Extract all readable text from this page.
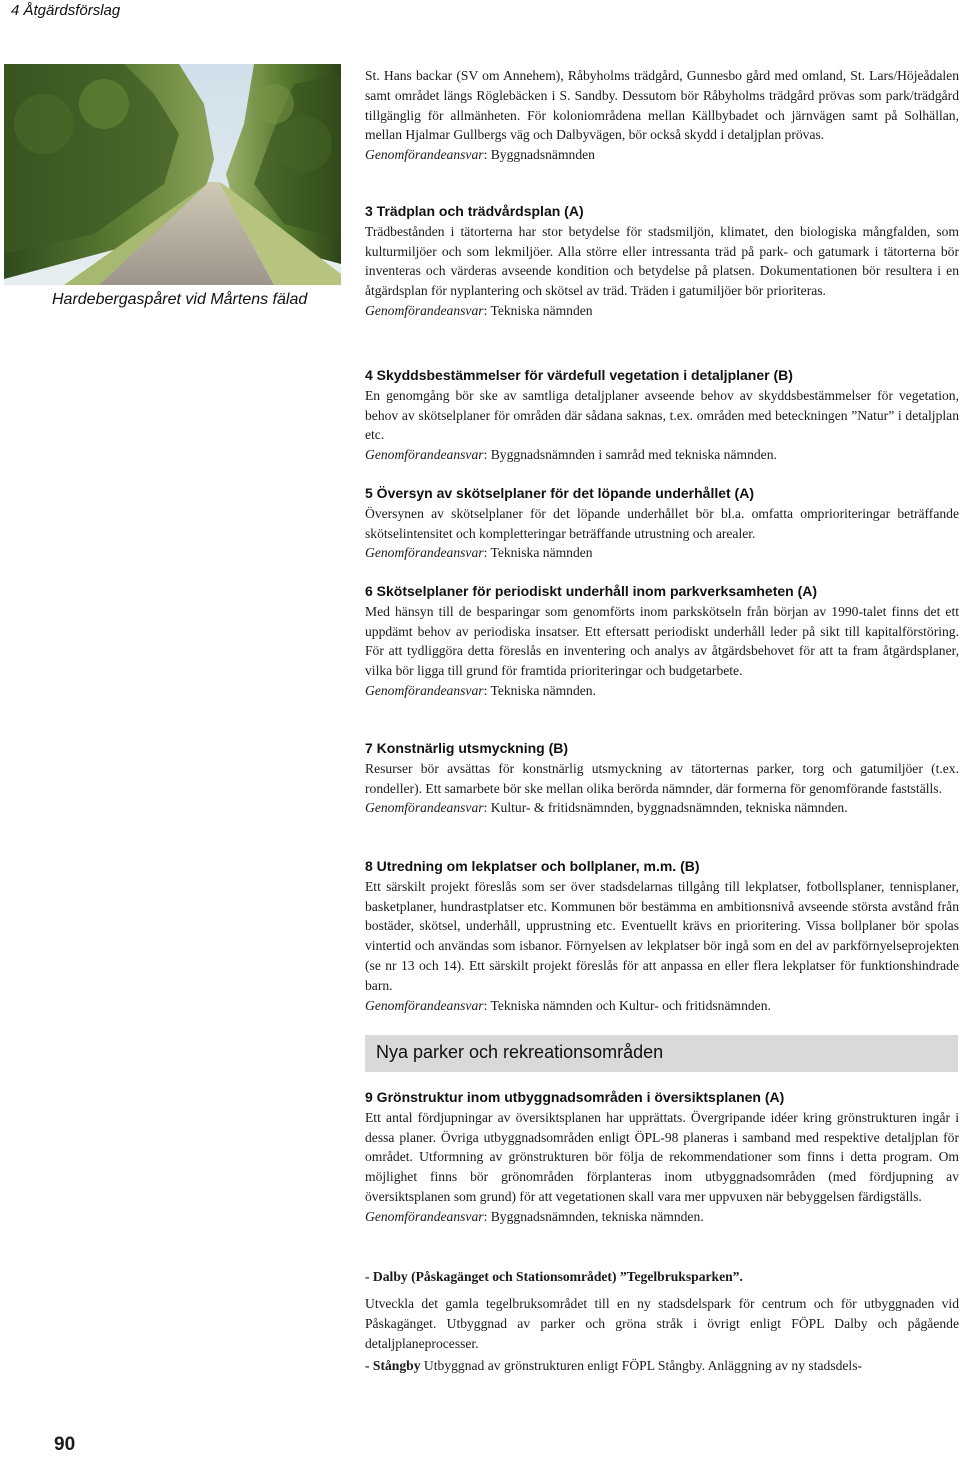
4 Åtgärdsförslag
Hardebergaspåret vid Mårtens fälad

St. Hans backar (SV om Annehem), Råbyholms trädgård, Gunnesbo gård med omland, St. Lars/Höjeådalen samt området längs Röglebäcken i S. Sandby. Dessutom bör Råbyholms trädgård prövas som park/trädgård tillgänglig för allmänheten. För koloniområdena mellan Källbybadet och järnvägen samt på Solhällan, mellan Hjalmar Gullbergs väg och Dalbyvägen, bör också skydd i detaljplan prövas.

Genomförandeansvar: Byggnadsnämnden

3 Trädplan och trädvårdsplan (A)

Trädbestånden i tätorterna har stor betydelse för stadsmiljön, klimatet, den biologiska mångfalden, som kulturmiljöer och som lekmiljöer. Alla större eller intressanta träd på park- och gatumark i tätorterna bör inventeras och värderas avseende kondition och betydelse på platsen. Dokumentationen bör resultera i en åtgärdsplan för nyplantering och skötsel av träd. Träden i gatumiljöer bör prioriteras.

Genomförandeansvar: Tekniska nämnden

4 Skyddsbestämmelser för värdefull vegetation i detaljplaner (B)

En genomgång bör ske av samtliga detaljplaner avseende behov av skyddsbestämmelser för vegetation, behov av skötselplaner för områden där sådana saknas, t.ex. områden med beteckningen ”Natur” i detaljplan etc.

Genomförandeansvar: Byggnadsnämnden i samråd med tekniska nämnden.

5 Översyn av skötselplaner för det löpande underhållet (A)

Översynen av skötselplaner för det löpande underhållet bör bl.a. omfatta omprioriteringar beträffande skötselintensitet och kompletteringar beträffande utrustning och arealer.

Genomförandeansvar: Tekniska nämnden

6 Skötselplaner för periodiskt underhåll inom parkverksamheten (A)

Med hänsyn till de besparingar som genomförts inom parkskötseln från början av 1990-talet finns det ett uppdämt behov av periodiska insatser. Ett eftersatt periodiskt underhåll leder på sikt till kapitalförstöring. För att tydliggöra detta föreslås en inventering och analys av åtgärdsbehovet för att ta fram åtgärdsplaner, vilka bör ligga till grund för framtida prioriteringar och budgetarbete.

Genomförandeansvar: Tekniska nämnden.

7 Konstnärlig utsmyckning (B)

Resurser bör avsättas för konstnärlig utsmyckning av tätorternas parker, torg och gatumiljöer (t.ex. rondeller). Ett samarbete bör ske mellan olika berörda nämnder, där formerna för genomförande fastställs.

Genomförandeansvar: Kultur- & fritidsnämnden, byggnadsnämnden, tekniska nämnden.

8 Utredning om lekplatser och bollplaner, m.m. (B)

Ett särskilt projekt föreslås som ser över stadsdelarnas tillgång till lekplatser, fotbollsplaner, tennisplaner, basketplaner, hundrastplatser etc. Kommunen bör bestämma en ambitionsnivå avseende största avstånd från bostäder, skötsel, underhåll, upprustning etc. Eventuellt krävs en prioritering. Vissa bollplaner bör spolas vintertid och användas som isbanor. Förnyelsen av lekplatser bör ingå som en del av parkförnyelseprojekten (se nr 13 och 14). Ett särskilt projekt föreslås för att anpassa en eller flera lekplatser för funktionshindrade barn.

Genomförandeansvar: Tekniska nämnden och Kultur- och fritidsnämnden.

Nya parker och rekreationsområden
9 Grönstruktur inom utbyggnadsområden i översiktsplanen (A)

Ett antal fördjupningar av översiktsplanen har upprättats. Övergripande idéer kring grönstrukturen ingår i dessa planer. Övriga utbyggnadsområden enligt ÖPL-98 planeras i samband med respektive detaljplan för området. Utformning av grönstrukturen bör följa de rekommendationer som finns i detta program. Om möjlighet finns bör grönområden förplanteras inom utbyggnadsområden (med fördjupning av översiktsplanen som grund) för att vegetationen skall vara mer uppvuxen när bebyggelsen färdigställs.

Genomförandeansvar: Byggnadsnämnden, tekniska nämnden.

- Dalby (Påskagänget och Stationsområdet) ”Tegelbruksparken”.

Utveckla det gamla tegelbruksområdet till en ny stadsdelspark för centrum och för utbyggnaden vid Påskagänget. Utbyggnad av parker och gröna stråk i övrigt enligt FÖPL Dalby och pågående detaljplaneprocesser.

- Stångby Utbyggnad av grönstrukturen enligt FÖPL Stångby. Anläggning av ny stadsdels-

90
